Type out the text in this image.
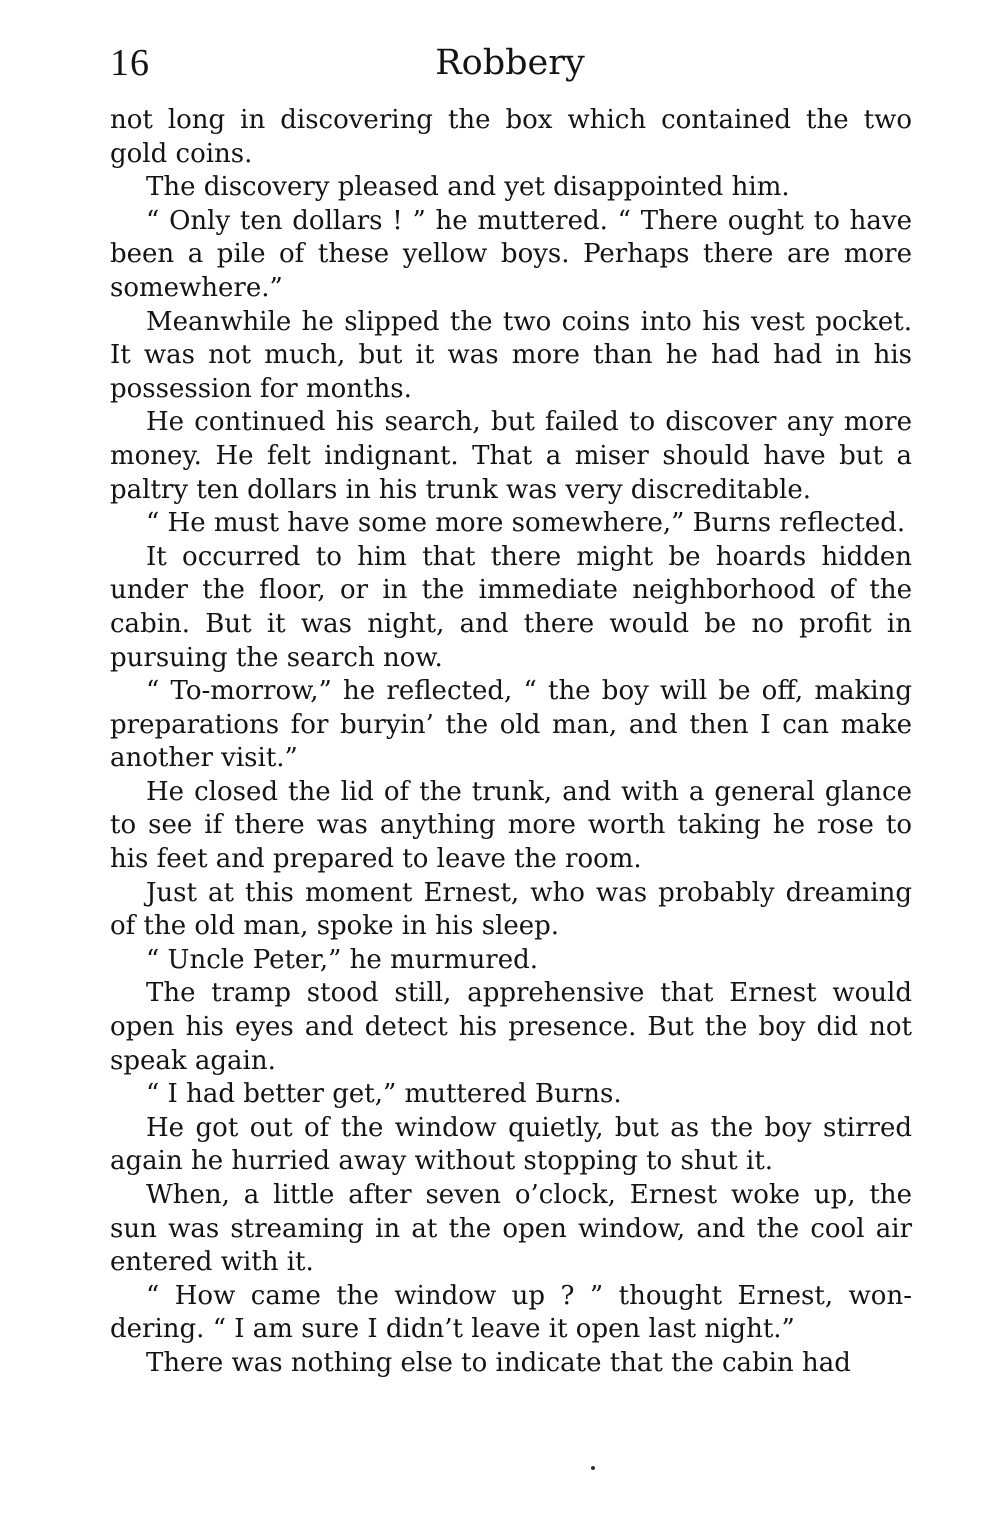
16	Robbery

not long in discovering the box which contained the two gold coins.

The discovery pleased and yet disappointed him.

“ Only ten dollars ! ” he muttered. “ There ought to have been a pile of these yellow boys. Perhaps there are more somewhere.”

Meanwhile he slipped the two coins into his vest pocket. It was not much, but it was more than he had had in his possession for months.

He continued his search, but failed to discover any more money. He felt indignant. That a miser should have but a paltry ten dollars in his trunk was very discreditable.

“ He must have some more somewhere,” Burns reflected.

It occurred to him that there might be hoards hidden under the floor, or in the immediate neighborhood of the cabin. But it was night, and there would be no profit in pursuing the search now.

“ To-morrow,” he reflected, “ the boy will be off, making preparations for buryin’ the old man, and then I can make another visit.”

He closed the lid of the trunk, and with a general glance to see if there was anything more worth taking he rose to his feet and prepared to leave the room.

Just at this moment Ernest, who was probably dreaming of the old man, spoke in his sleep.

“ Uncle Peter,” he murmured.

The tramp stood still, apprehensive that Ernest would open his eyes and detect his presence. But the boy did not speak again.

“ I had better get,” muttered Burns.

He got out of the window quietly, but as the boy stirred again he hurried away without stopping to shut it.

When, a little after seven o’clock, Ernest woke up, the sun was streaming in at the open window, and the cool air entered with it.

“ How came the window up ? ” thought Ernest, wondering. “ I am sure I didn’t leave it open last night.”

There was nothing else to indicate that the cabin had
